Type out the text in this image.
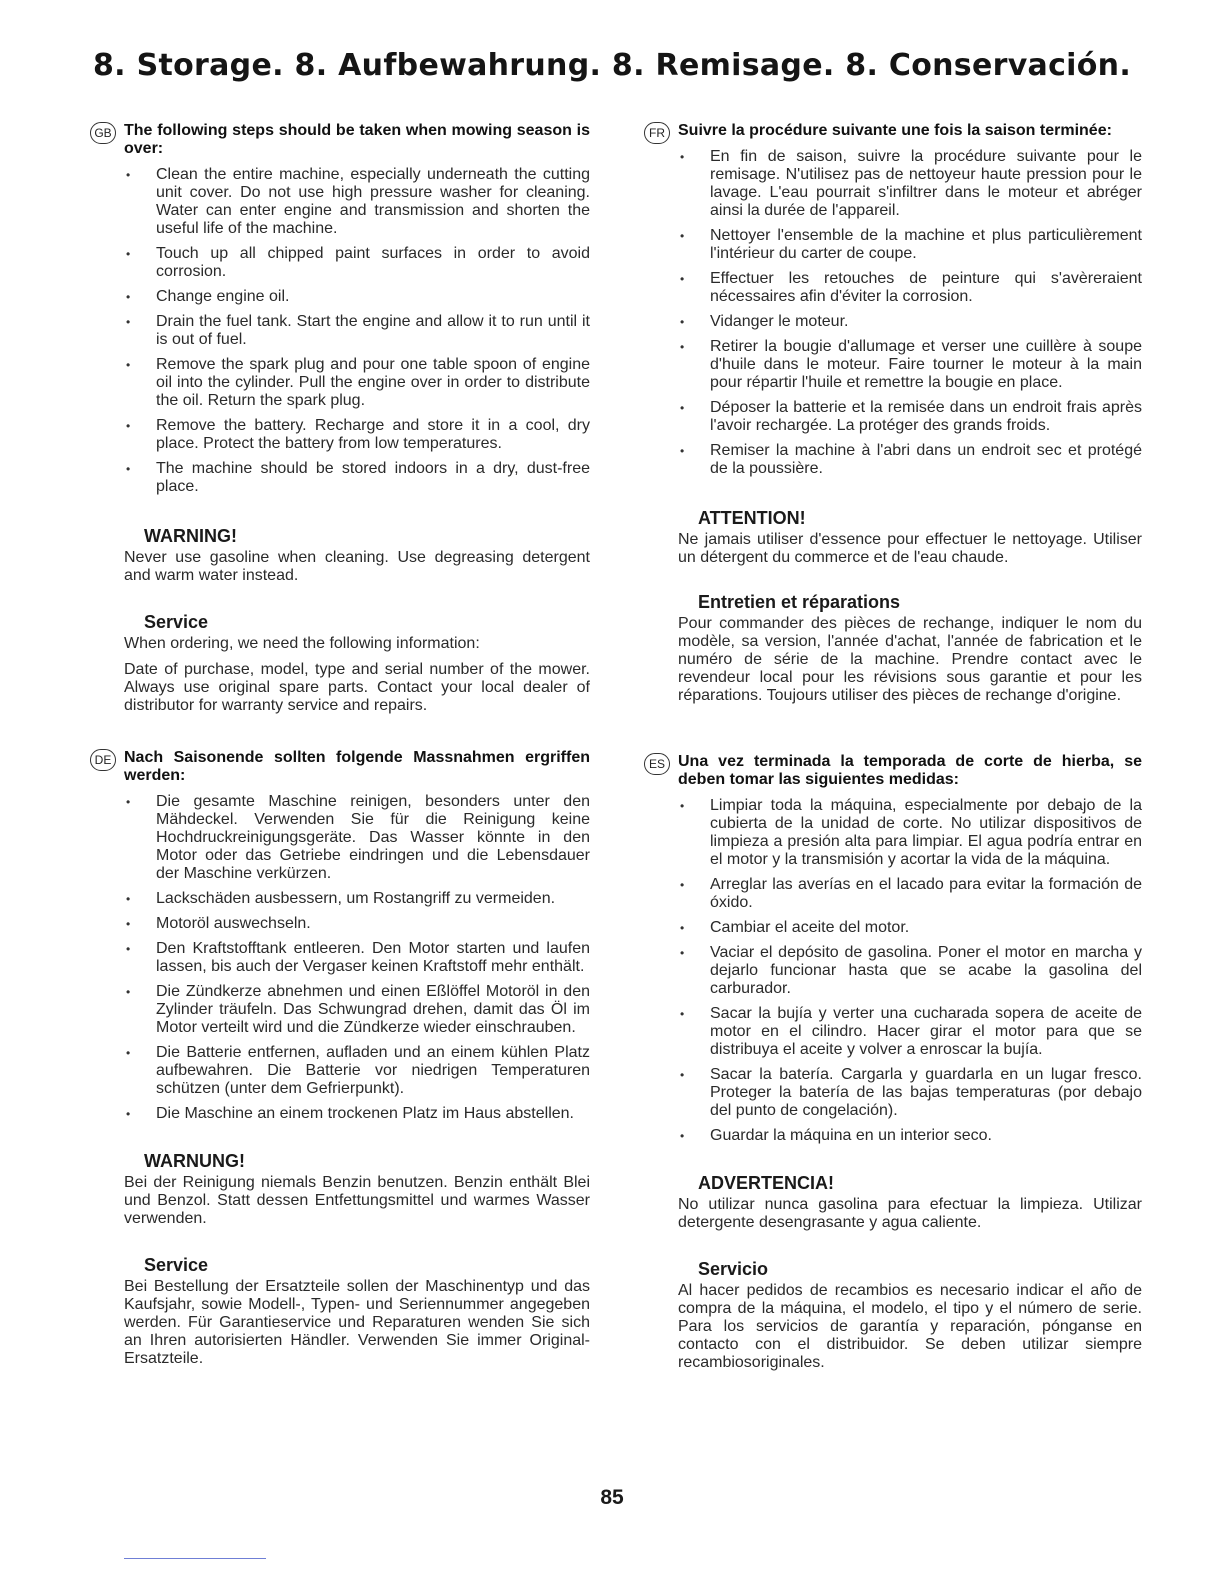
8. Storage. 8. Aufbewahrung. 8. Remisage. 8. Conservación.
GB The following steps should be taken when mowing season is over:

• Clean the entire machine, especially underneath the cutting unit cover. Do not use high pressure washer for cleaning. Water can enter engine and transmission and shorten the useful life of the machine.
• Touch up all chipped paint surfaces in order to avoid corrosion.
• Change engine oil.
• Drain the fuel tank. Start the engine and allow it to run until it is out of fuel.
• Remove the spark plug and pour one table spoon of engine oil into the cylinder. Pull the engine over in order to distribute the oil. Return the spark plug.
• Remove the battery. Recharge and store it in a cool, dry place. Protect the battery from low temperatures.
• The machine should be stored indoors in a dry, dust-free place.
WARNING!

Never use gasoline when cleaning. Use degreasing detergent and warm water instead.

Service

When ordering, we need the following information:

Date of purchase, model, type and serial number of the mower. Always use original spare parts. Contact your local dealer of distributor for warranty service and repairs.

DE Nach Saisonende sollten folgende Massnahmen ergriffen werden:

• Die gesamte Maschine reinigen, besonders unter den Mähdeckel. Verwenden Sie für die Reinigung keine Hochdruckreinigungsgeräte. Das Wasser könnte in den Motor oder das Getriebe eindringen und die Lebensdauer der Maschine verkürzen.
• Lackschäden ausbessern, um Rostangriff zu vermeiden.
• Motoröl auswechseln.
• Den Kraftstofftank entleeren. Den Motor starten und laufen lassen, bis auch der Vergaser keinen Kraftstoff mehr enthält.
• Die Zündkerze abnehmen und einen Eßlöffel Motoröl in den Zylinder träufeln. Das Schwungrad drehen, damit das Öl im Motor verteilt wird und die Zündkerze wieder einschrauben.
• Die Batterie entfernen, aufladen und an einem kühlen Platz aufbewahren. Die Batterie vor niedrigen Temperaturen schützen (unter dem Gefrierpunkt).
• Die Maschine an einem trockenen Platz im Haus abstellen.
WARNUNG!

Bei der Reinigung niemals Benzin benutzen. Benzin enthält Blei und Benzol. Statt dessen Entfettungsmittel und warmes Wasser verwenden.

Service

Bei Bestellung der Ersatzteile sollen der Maschinentyp und das Kaufsjahr, sowie Modell-, Typen- und Seriennummer angegeben werden. Für Garantieservice und Reparaturen wenden Sie sich an Ihren autorisierten Händler. Verwenden Sie immer Original-Ersatzteile.

FR Suivre la procédure suivante une fois la saison terminée:

• En fin de saison, suivre la procédure suivante pour le remisage. N'utilisez pas de nettoyeur haute pression pour le lavage. L'eau pourrait s'infiltrer dans le moteur et abréger ainsi la durée de l'appareil.
• Nettoyer l'ensemble de la machine et plus particulièrement l'intérieur du carter de coupe.
• Effectuer les retouches de peinture qui s'avèreraient nécessaires afin d'éviter la corrosion.
• Vidanger le moteur.
• Retirer la bougie d'allumage et verser une cuillère à soupe d'huile dans le moteur. Faire tourner le moteur à la main pour répartir l'huile et remettre la bougie en place.
• Déposer la batterie et la remisée dans un endroit frais après l'avoir rechargée. La protéger des grands froids.
• Remiser la machine à l'abri dans un endroit sec et protégé de la poussière.
ATTENTION!

Ne jamais utiliser d'essence pour effectuer le nettoyage. Utiliser un détergent du commerce et de l'eau chaude.

Entretien et réparations

Pour commander des pièces de rechange, indiquer le nom du modèle, sa version, l'année d'achat, l'année de fabrication et le numéro de série de la machine. Prendre contact avec le revendeur local pour les révisions sous garantie et pour les réparations. Toujours utiliser des pièces de rechange d'origine.

ES Una vez terminada la temporada de corte de hierba, se deben tomar las siguientes medidas:

• Limpiar toda la máquina, especialmente por debajo de la cubierta de la unidad de corte. No utilizar dispositivos de limpieza a presión alta para limpiar. El agua podría entrar en el motor y la transmisión y acortar la vida de la máquina.
• Arreglar las averías en el lacado para evitar la formación de óxido.
• Cambiar el aceite del motor.
• Vaciar el depósito de gasolina. Poner el motor en marcha y dejarlo funcionar hasta que se acabe la gasolina del carburador.
• Sacar la bujía y verter una cucharada sopera de aceite de motor en el cilindro. Hacer girar el motor para que se distribuya el aceite y volver a enroscar la bujía.
• Sacar la batería. Cargarla y guardarla en un lugar fresco. Proteger la batería de las bajas temperaturas (por debajo del punto de congelación).
• Guardar la máquina en un interior seco.
ADVERTENCIA!

No utilizar nunca gasolina para efectuar la limpieza. Utilizar detergente desengrasante y agua caliente.

Servicio

Al hacer pedidos de recambios es necesario indicar el año de compra de la máquina, el modelo, el tipo y el número de serie. Para los servicios de garantía y reparación, pónganse en contacto con el distribuidor. Se deben utilizar siempre recambiosoriginales.

85
